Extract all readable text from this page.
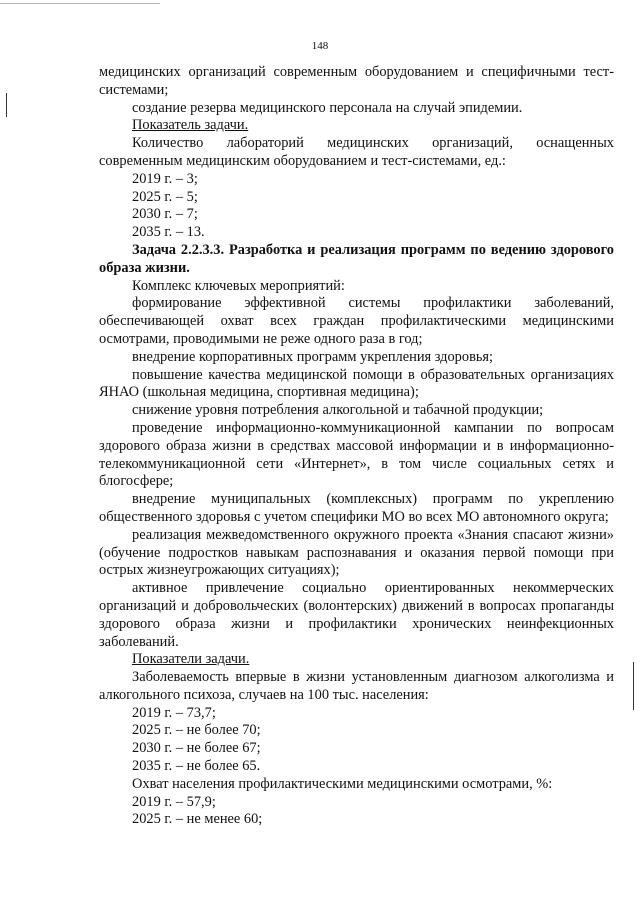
148

медицинских организаций современным оборудованием и специфичными тест-системами;

создание резерва медицинского персонала на случай эпидемии.

Показатель задачи.

Количество лабораторий медицинских организаций, оснащенных современным медицинским оборудованием и тест-системами, ед.:

2019 г. – 3;

2025 г. – 5;

2030 г. – 7;

2035 г. – 13.

Задача 2.2.3.3. Разработка и реализация программ по ведению здорового образа жизни.

Комплекс ключевых мероприятий:

формирование эффективной системы профилактики заболеваний, обеспечивающей охват всех граждан профилактическими медицинскими осмотрами, проводимыми не реже одного раза в год;

внедрение корпоративных программ укрепления здоровья;

повышение качества медицинской помощи в образовательных организациях ЯНАО (школьная медицина, спортивная медицина);

снижение уровня потребления алкогольной и табачной продукции;

проведение информационно-коммуникационной кампании по вопросам здорового образа жизни в средствах массовой информации и в информационно-телекоммуникационной сети «Интернет», в том числе социальных сетях и блогосфере;

внедрение муниципальных (комплексных) программ по укреплению общественного здоровья с учетом специфики МО во всех МО автономного округа;

реализация межведомственного окружного проекта «Знания спасают жизни» (обучение подростков навыкам распознавания и оказания первой помощи при острых жизнеугрожающих ситуациях);

активное привлечение социально ориентированных некоммерческих организаций и добровольческих (волонтерских) движений в вопросах пропаганды здорового образа жизни и профилактики хронических неинфекционных заболеваний.

Показатели задачи.

Заболеваемость впервые в жизни установленным диагнозом алкоголизма и алкогольного психоза, случаев на 100 тыс. населения:

2019 г. – 73,7;

2025 г. – не более 70;

2030 г. – не более 67;

2035 г. – не более 65.

Охват населения профилактическими медицинскими осмотрами, %:

2019 г. – 57,9;

2025 г. – не менее 60;
